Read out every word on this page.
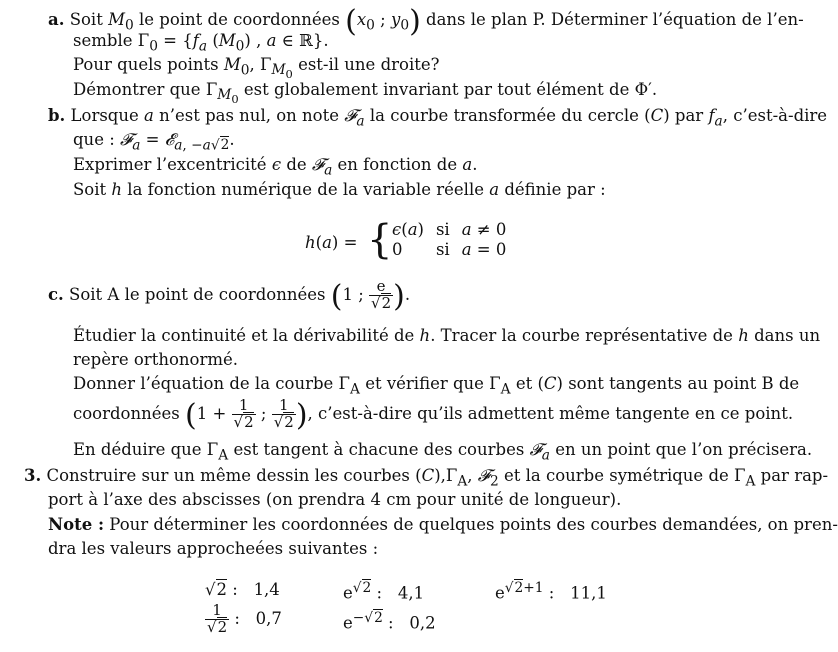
a. Soit $M_0$ le point de coordonnées ($x_0$ ; $y_0$) dans le plan P. Déterminer l’équation de l’en-
semble $\Gamma_0 = \{f_a$ $(M_0)$ , a ∈ ℝ}.
Pour quels points $M_0$, $\Gamma_{M_0}$ est-il une droite?
Démontrer que $\Gamma_{M_0}$ est globalement invariant par tout élément de Φ′.
b. Lorsque a n’est pas nul, on note 𝓕$_a$ la courbe transformée du cercle (C) par $f_a$, c’est-à-dire
que : 𝓕$_a$ = 𝓔$_{a, -a√2}$.
Exprimer l’excentricité ϵ de 𝓕$_a$ en fonction de a.
Soit h la fonction numérique de la variable réelle a définie par :
h(a) = { ϵ(a)	si	a ≠ 0
0	si	a = 0
c. Soit A le point de coordonnées (1 ; $\frac{e}{√2}$ ).
Étudier la continuité et la dérivabilité de h. Tracer la courbe représentative de h dans un
repère orthonormé.
Donner l’équation de la courbe $\Gamma_A$ et vérifier que $\Gamma_A$ et (C) sont tangents au point B de
coordonnées ($1 + \frac{1}{√2}$ ; $\frac{1}{√2}$ ), c’est-à-dire qu’ils admettent même tangente en ce point.
En déduire que $\Gamma_A$ est tangent à chacune des courbes 𝓕$_a$ en un point que l’on précisera.
3. Construire sur un même dessin les courbes $(C),\Gamma_A$, 𝓕$_2$ et la courbe symétrique de $\Gamma_A$ par rap-
port à l’axe des abscisses (on prendra 4 cm pour unité de longueur).
Note : Pour déterminer les coordonnées de quelques points des courbes demandées, on pren-
dra les valeurs approcheées suivantes :
√2 :   1,4	$e^{√2}$ :   4,1	$e^{√2+1}$ :   11,1
$\frac{1}{√2}$ :   0,7	$e^{-√2}$ :   0,2
